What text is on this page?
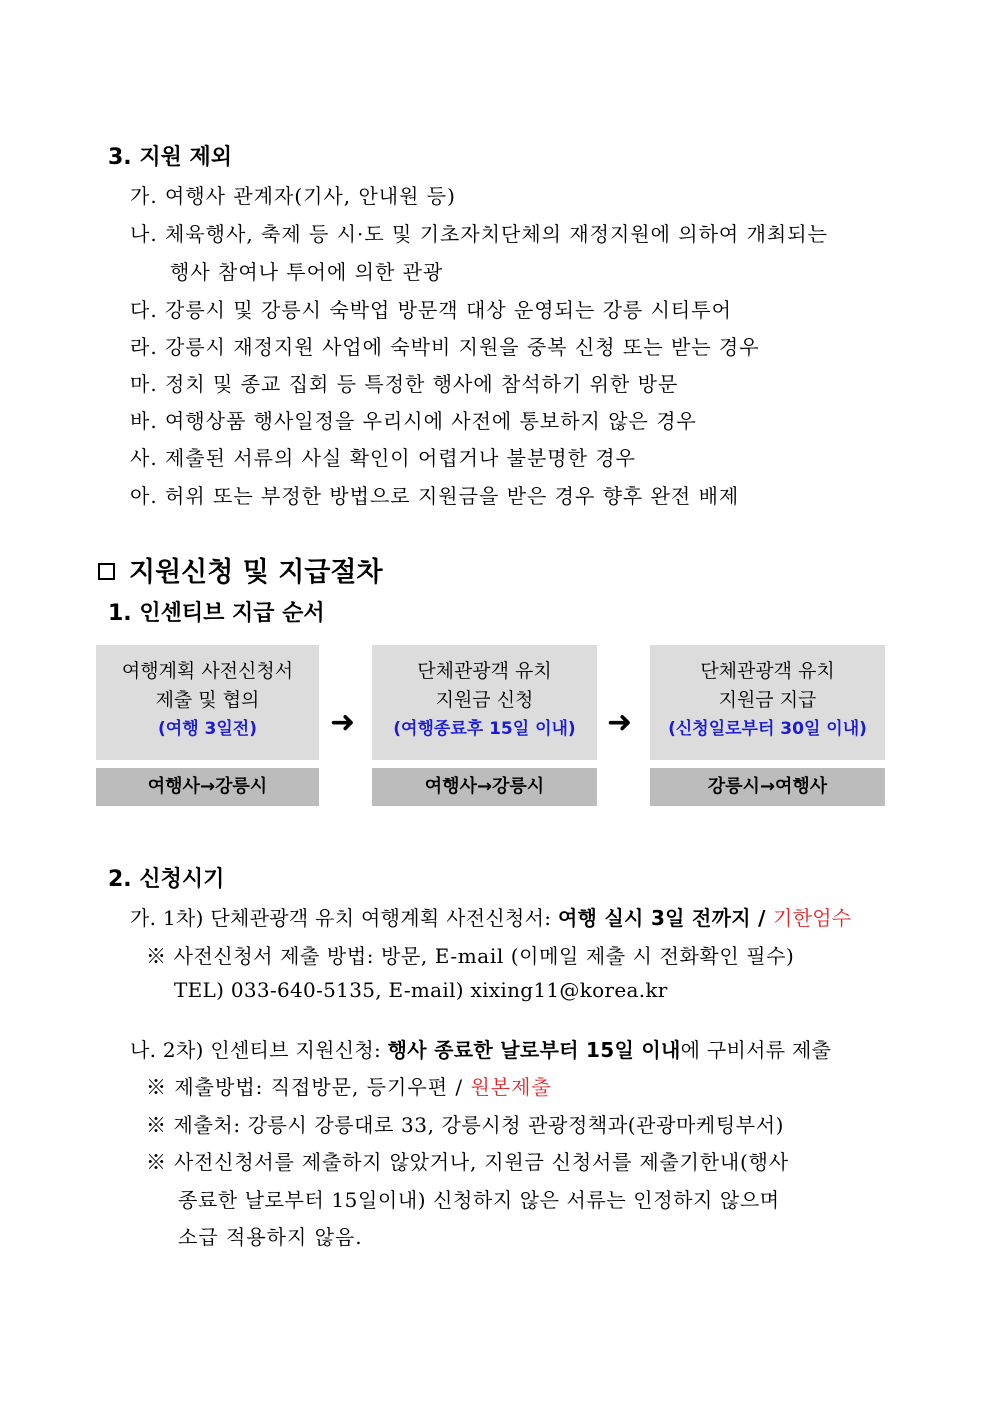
3. 지원 제외
가. 여행사 관계자(기사, 안내원 등)
나. 체육행사, 축제 등 시·도 및 기초자치단체의 재정지원에 의하여 개최되는
행사 참여나 투어에 의한 관광
다. 강릉시 및 강릉시 숙박업 방문객 대상 운영되는 강릉 시티투어
라. 강릉시 재정지원 사업에 숙박비 지원을 중복 신청 또는 받는 경우
마. 정치 및 종교 집회 등 특정한 행사에 참석하기 위한 방문
바. 여행상품 행사일정을 우리시에 사전에 통보하지 않은 경우
사. 제출된 서류의 사실 확인이 어렵거나 불분명한 경우
아. 허위 또는 부정한 방법으로 지원금을 받은 경우 향후 완전 배제
지원신청 및 지급절차
1. 인센티브 지급 순서
여행계획 사전신청서
제출 및 협의
(여행 3일전)	➜
단체관광객 유치
지원금 신청
(여행종료후 15일 이내)	➜
단체관광객 유치
지원금 지급
(신청일로부터 30일 이내)
여행사→강릉시	여행사→강릉시	강릉시→여행사
2. 신청시기
가. 1차) 단체관광객 유치 여행계획 사전신청서: 여행 실시 3일 전까지 / 기한엄수
※ 사전신청서 제출 방법: 방문, E-mail (이메일 제출 시 전화확인 필수)
TEL) 033-640-5135, E-mail) xixing11@korea.kr
나. 2차) 인센티브 지원신청: 행사 종료한 날로부터 15일 이내에 구비서류 제출
※ 제출방법: 직접방문, 등기우편 / 원본제출
※ 제출처: 강릉시 강릉대로 33, 강릉시청 관광정책과(관광마케팅부서)
※ 사전신청서를 제출하지 않았거나, 지원금 신청서를 제출기한내(행사
종료한 날로부터 15일이내) 신청하지 않은 서류는 인정하지 않으며
소급 적용하지 않음.
